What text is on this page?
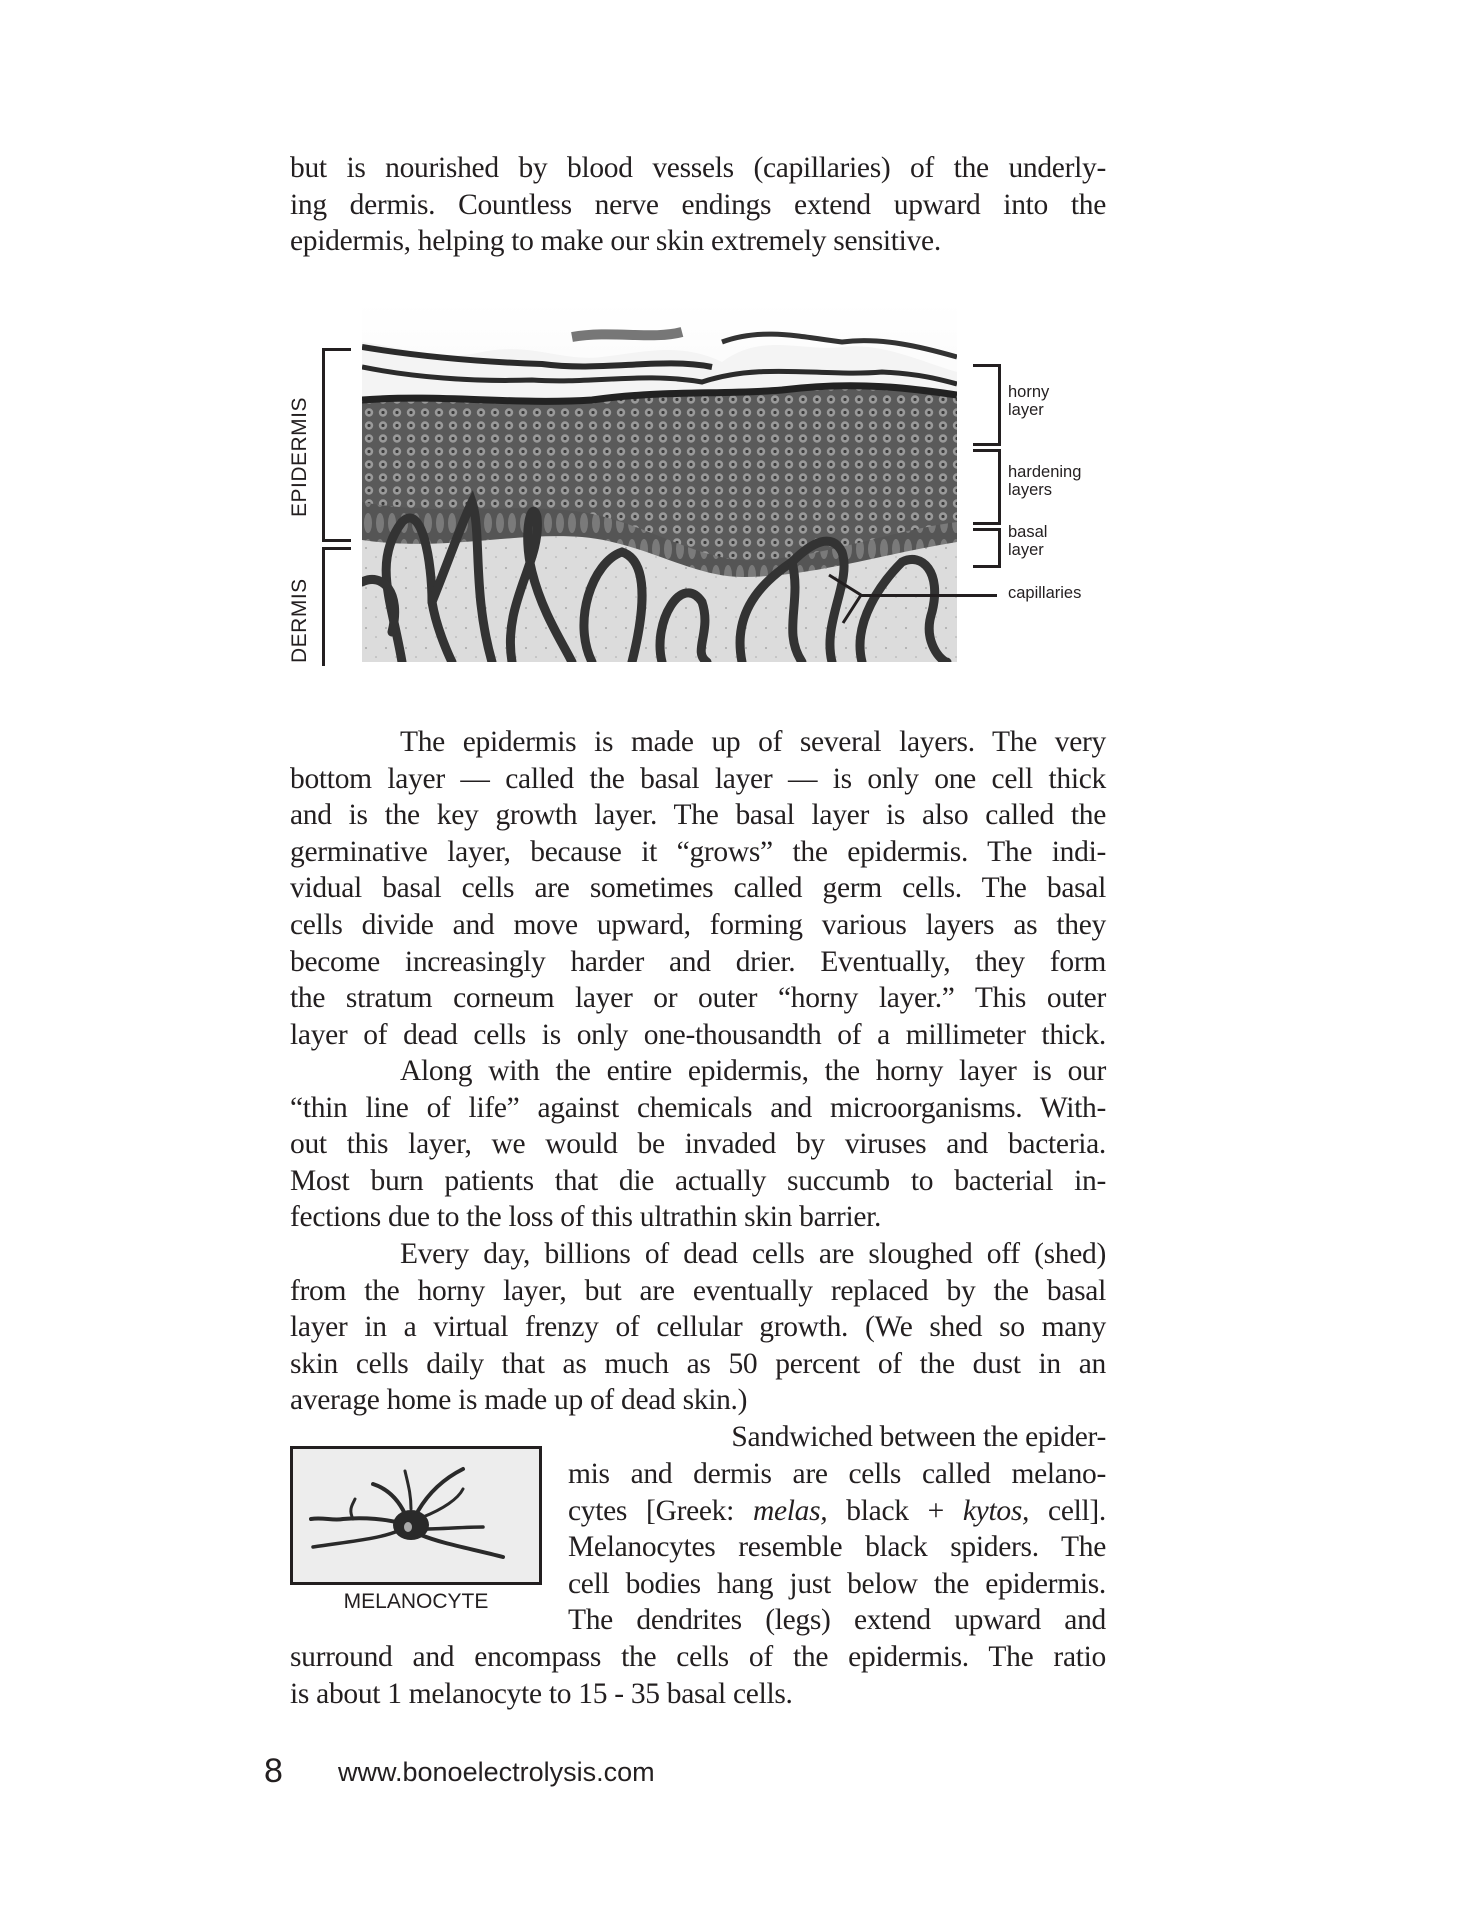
but is nourished by blood vessels (capillaries) of the underly-
ing dermis. Countless nerve endings extend upward into the
epidermis, helping to make our skin extremely sensitive.
EPIDERMIS
DERMIS
horny
layer
hardening
layers
basal
layer
capillaries
The epidermis is made up of several layers. The very
bottom layer — called the basal layer — is only one cell thick
and is the key growth layer. The basal layer is also called the
germinative layer, because it “grows” the epidermis. The indi-
vidual basal cells are sometimes called germ cells. The basal
cells divide and move upward, forming various layers as they
become increasingly harder and drier. Eventually, they form
the stratum corneum layer or outer “horny layer.” This outer
layer of dead cells is only one-thousandth of a millimeter thick.
Along with the entire epidermis, the horny layer is our
“thin line of life” against chemicals and microorganisms. With-
out this layer, we would be invaded by viruses and bacteria.
Most burn patients that die actually succumb to bacterial in-
fections due to the loss of this ultrathin skin barrier.
Every day, billions of dead cells are sloughed off (shed)
from the horny layer, but are eventually replaced by the basal
layer in a virtual frenzy of cellular growth. (We shed so many
skin cells daily that as much as 50 percent of the dust in an
average home is made up of dead skin.)
MELANOCYTE
Sandwiched between the epider-
mis and dermis are cells called melano-
cytes [Greek: melas, black + kytos, cell].
Melanocytes resemble black spiders. The
cell bodies hang just below the epidermis.
The dendrites (legs) extend upward and
surround and encompass the cells of the epidermis. The ratio
is about 1 melanocyte to 15 - 35 basal cells.
8 www.bonoelectrolysis.com
